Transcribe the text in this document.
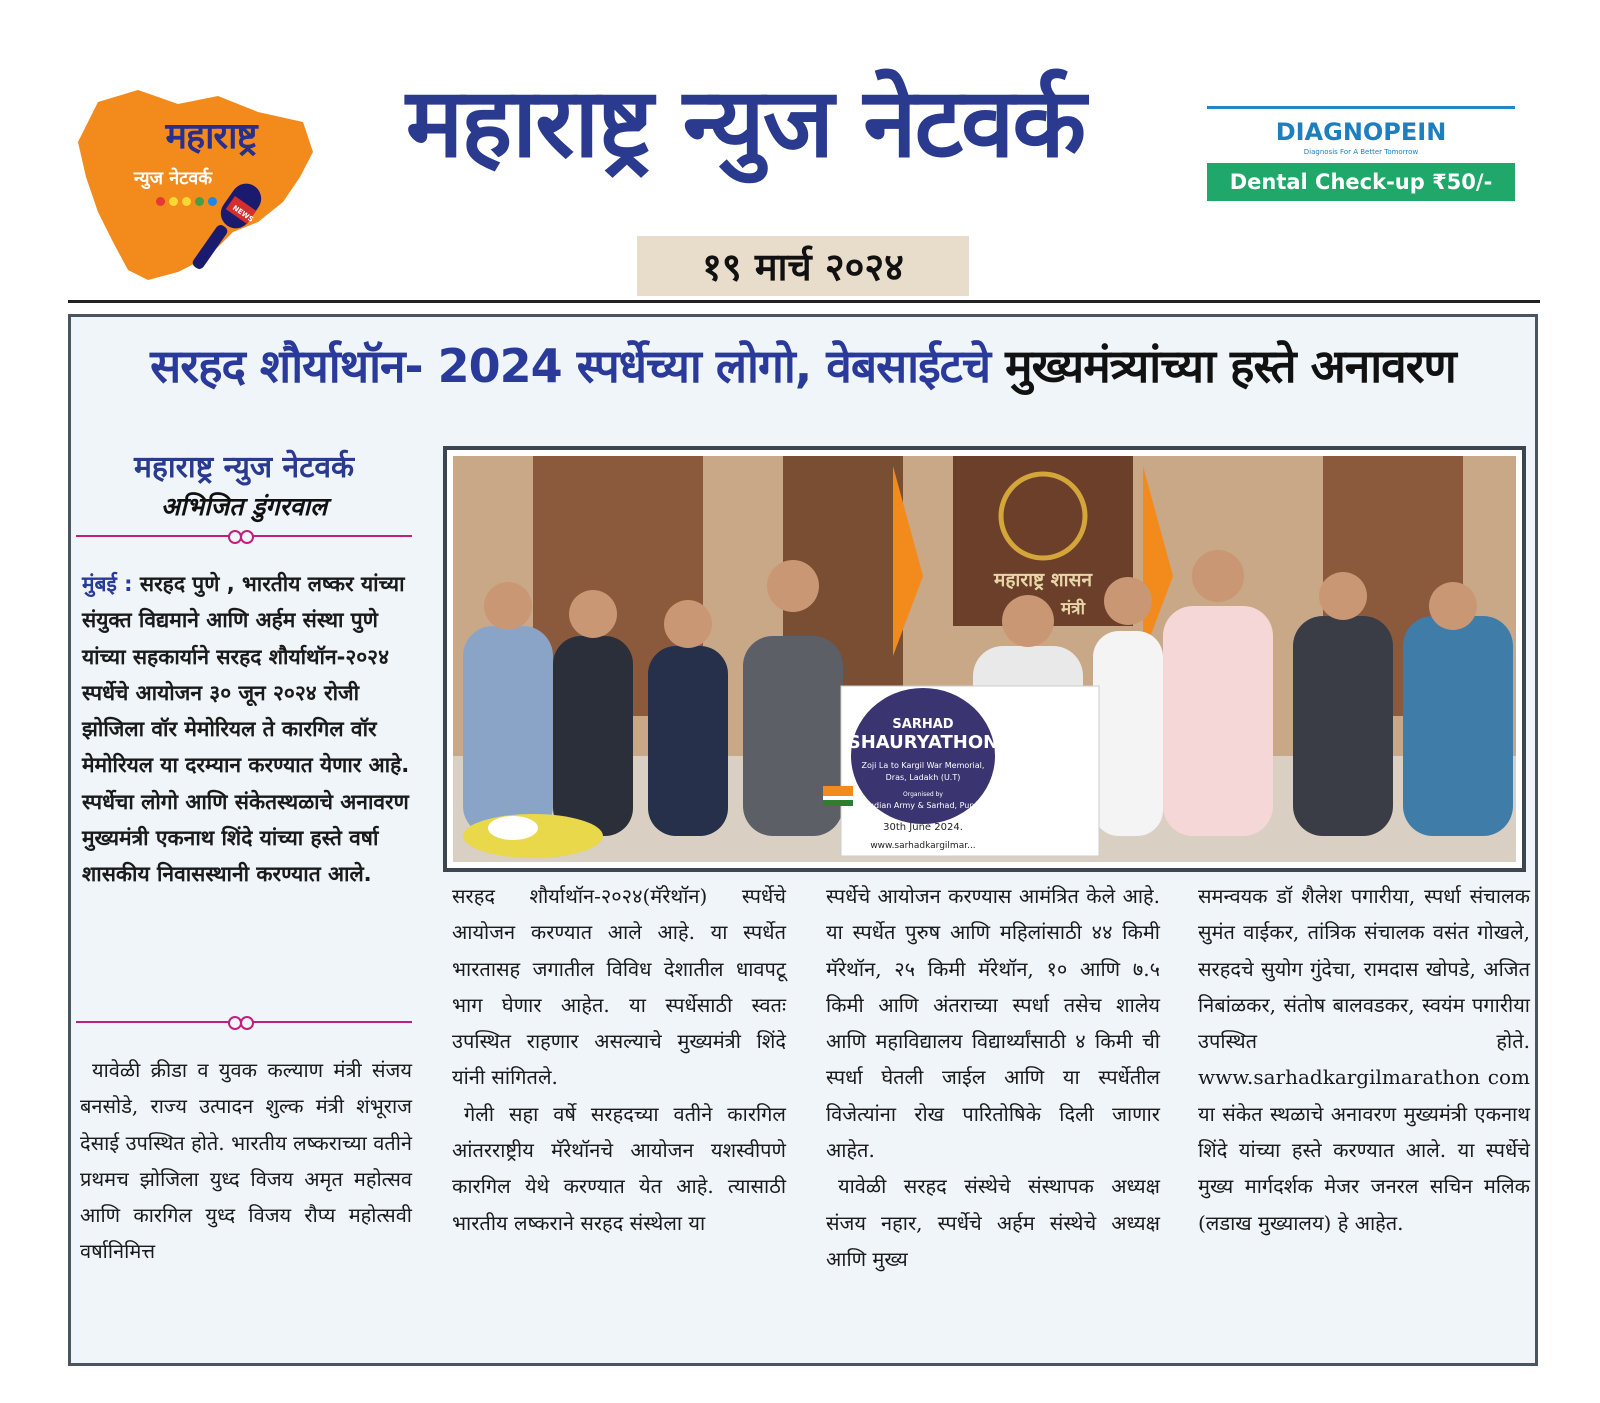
महाराष्ट्र
न्युज नेटवर्क
NEWS
महाराष्ट्र न्युज नेटवर्क
१९ मार्च २०२४
DIAGNOPEIN
Diagnosis For A Better Tomorrow
Dental Check-up ₹50/-
सरहद शौर्याथॉन- 2024 स्पर्धेच्या लोगो, वेबसाईटचे मुख्यमंत्र्यांच्या हस्ते अनावरण
महाराष्ट्र न्युज नेटवर्क
अभिजित डुंगरवाल
मुंबई : सरहद पुणे , भारतीय लष्कर यांच्या संयुक्त विद्यमाने आणि अर्हम संस्था पुणे यांच्या सहकार्याने सरहद शौर्याथॉन-२०२४ स्पर्धेचे आयोजन ३० जून २०२४ रोजी झोजिला वॉर मेमोरियल ते कारगिल वॉर मेमोरियल या दरम्यान करण्यात येणार आहे. स्पर्धेचा लोगो आणि संकेतस्थळाचे अनावरण मुख्यमंत्री एकनाथ शिंदे यांच्या हस्ते वर्षा शासकीय निवासस्थानी करण्यात आले.
यावेळी क्रीडा व युवक कल्याण मंत्री संजय बनसोडे, राज्य उत्पादन शुल्क मंत्री शंभूराज देसाई उपस्थित होते. भारतीय लष्कराच्या वतीने प्रथमच झोजिला युध्द विजय अमृत महोत्सव आणि कारगिल युध्द विजय रौप्य महोत्सवी वर्षानिमित्त
सरहद शौर्याथॉन-२०२४(मॅरेथॉन) स्पर्धेचे आयोजन करण्यात आले आहे. या स्पर्धेत भारतासह जगातील विविध देशातील धावपटू भाग घेणार आहेत. या स्पर्धेसाठी स्वतः उपस्थित राहणार असल्याचे मुख्यमंत्री शिंदे यांनी सांगितले.
गेली सहा वर्षे सरहदच्या वतीने कारगिल आंतरराष्ट्रीय मॅरेथॉनचे आयोजन यशस्वीपणे कारगिल येथे करण्यात येत आहे. त्यासाठी भारतीय लष्कराने सरहद संस्थेला या
स्पर्धेचे आयोजन करण्यास आमंत्रित केले आहे. या स्पर्धेत पुरुष आणि महिलांसाठी ४४ किमी मॅरेथॉन, २५ किमी मॅरेथॉन, १० आणि ७.५ किमी आणि अंतराच्या स्पर्धा तसेच शालेय आणि महाविद्यालय विद्यार्थ्यांसाठी ४ किमी ची स्पर्धा घेतली जाईल आणि या स्पर्धेतील विजेत्यांना रोख पारितोषिके दिली जाणार आहेत.
यावेळी सरहद संस्थेचे संस्थापक अध्यक्ष संजय नहार, स्पर्धेचे अर्हम संस्थेचे अध्यक्ष आणि मुख्य
समन्वयक डॉ शैलेश पगारीया, स्पर्धा संचालक सुमंत वाईकर, तांत्रिक संचालक वसंत गोखले, सरहदचे सुयोग गुंदेचा, रामदास खोपडे, अजित निबांळकर, संतोष बालवडकर, स्वयंम पगारीया उपस्थित होते. www.sarhadkargilmarathon com या संकेत स्थळाचे अनावरण मुख्यमंत्री एकनाथ शिंदे यांच्या हस्ते करण्यात आले. या स्पर्धेचे मुख्य मार्गदर्शक मेजर जनरल सचिन मलिक (लडाख मुख्यालय) हे आहेत.
महाराष्ट्र शासन
मंत्री
SARHAD
SHAURYATHON
Zoji La to Kargil War Memorial,
Dras, Ladakh (U.T)
Organised by
Indian Army & Sarhad, Pune
30th June 2024.
www.sarhadkargilmar...
